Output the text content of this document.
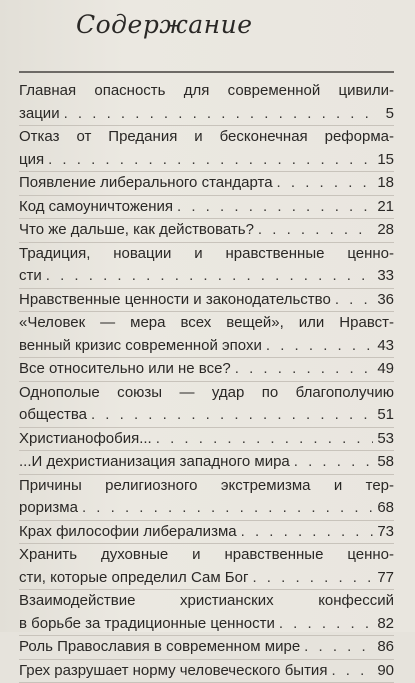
Содержание
Главная опасность для современной цивили-
зации . . .	5
Отказ от Предания и бесконечная реформа-
ция . . .	15
Появление либерального стандарта . . .	18
Код самоуничтожения . . .	21
Что же дальше, как действовать? . . .	28
Традиция, новации и нравственные ценно-
сти . . .	33
Нравственные ценности и законодательство . . .	36
«Человек — мера всех вещей», или Нравст-
венный кризис современной эпохи . . .	43
Все относительно или не все? . . .	49
Однополые союзы — удар по благополучию
общества . . .	51
Христианофобия... . . .	53
...И дехристианизация западного мира . . .	58
Причины религиозного экстремизма и тер-
роризма . . .	68
Крах философии либерализма . . .	73
Хранить духовные и нравственные ценно-
сти, которые определил Сам Бог . . .	77
Взаимодействие христианских конфессий
в борьбе за традиционные ценности . . .	82
Роль Православия в современном мире . . .	86
Грех разрушает норму человеческого бытия . . .	90
